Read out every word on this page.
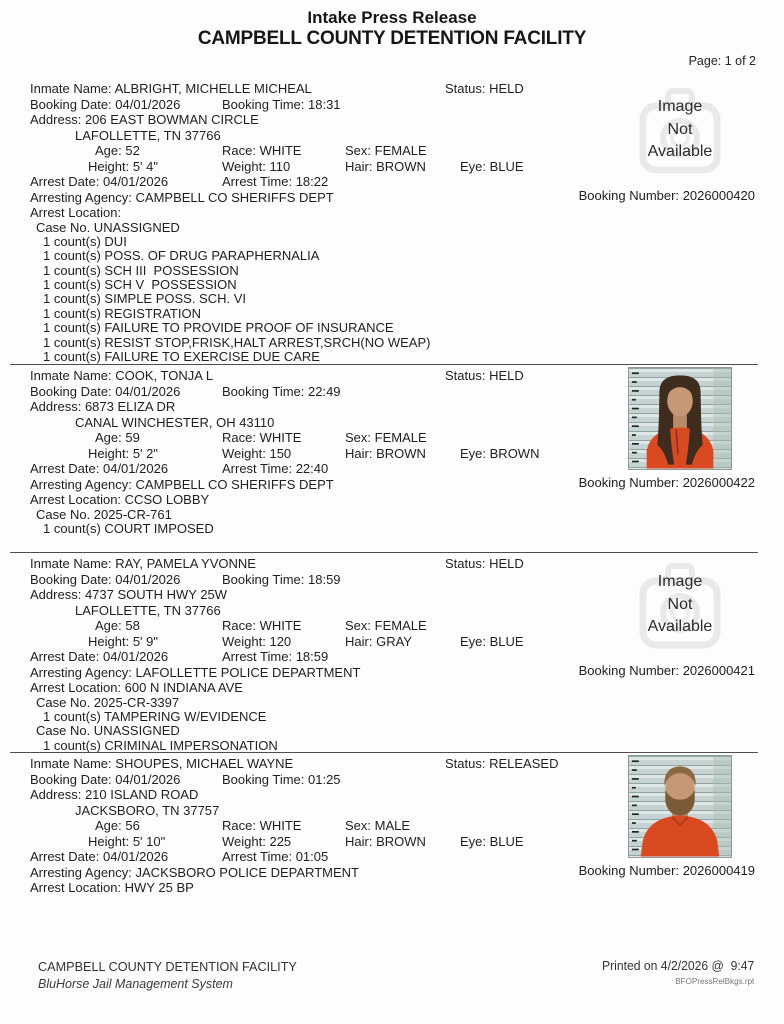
Intake Press Release
CAMPBELL COUNTY DETENTION FACILITY
Page: 1 of 2
Inmate Name: ALBRIGHT, MICHELLE MICHEAL	Status: HELD
Booking Date: 04/01/2026	Booking Time: 18:31
Address: 206 EAST BOWMAN CIRCLE
LAFOLLETTE, TN 37766
Age: 52	Race: WHITE	Sex: FEMALE
Height: 5' 4"	Weight: 110	Hair: BROWN	Eye: BLUE
Arrest Date: 04/01/2026	Arrest Time: 18:22
Arresting Agency: CAMPBELL CO SHERIFFS DEPT
Arrest Location:
Case No. UNASSIGNED
1 count(s) DUI
1 count(s) POSS. OF DRUG PARAPHERNALIA
1 count(s) SCH III  POSSESSION
1 count(s) SCH V  POSSESSION
1 count(s) SIMPLE POSS. SCH. VI
1 count(s) REGISTRATION
1 count(s) FAILURE TO PROVIDE PROOF OF INSURANCE
1 count(s) RESIST STOP,FRISK,HALT ARREST,SRCH(NO WEAP)
1 count(s) FAILURE TO EXERCISE DUE CARE
Image
Not
Available
Booking Number: 2026000420
Inmate Name: COOK, TONJA L	Status: HELD
Booking Date: 04/01/2026	Booking Time: 22:49
Address: 6873 ELIZA DR
CANAL WINCHESTER, OH 43110
Age: 59	Race: WHITE	Sex: FEMALE
Height: 5' 2"	Weight: 150	Hair: BROWN	Eye: BROWN
Arrest Date: 04/01/2026	Arrest Time: 22:40
Arresting Agency: CAMPBELL CO SHERIFFS DEPT
Arrest Location: CCSO LOBBY
Case No. 2025-CR-761
1 count(s) COURT IMPOSED
Booking Number: 2026000422
Inmate Name: RAY, PAMELA YVONNE	Status: HELD
Booking Date: 04/01/2026	Booking Time: 18:59
Address: 4737 SOUTH HWY 25W
LAFOLLETTE, TN 37766
Age: 58	Race: WHITE	Sex: FEMALE
Height: 5' 9"	Weight: 120	Hair: GRAY	Eye: BLUE
Arrest Date: 04/01/2026	Arrest Time: 18:59
Arresting Agency: LAFOLLETTE POLICE DEPARTMENT
Arrest Location: 600 N INDIANA AVE
Case No. 2025-CR-3397
1 count(s) TAMPERING W/EVIDENCE
Case No. UNASSIGNED
1 count(s) CRIMINAL IMPERSONATION
Image
Not
Available
Booking Number: 2026000421
Inmate Name: SHOUPES, MICHAEL WAYNE	Status: RELEASED
Booking Date: 04/01/2026	Booking Time: 01:25
Address: 210 ISLAND ROAD
JACKSBORO, TN 37757
Age: 56	Race: WHITE	Sex: MALE
Height: 5' 10"	Weight: 225	Hair: BROWN	Eye: BLUE
Arrest Date: 04/01/2026	Arrest Time: 01:05
Arresting Agency: JACKSBORO POLICE DEPARTMENT
Arrest Location: HWY 25 BP
Booking Number: 2026000419
CAMPBELL COUNTY DETENTION FACILITY
BluHorse Jail Management System
Printed on 4/2/2026 @  9:47
BFOPressRelBkgs.rpt
